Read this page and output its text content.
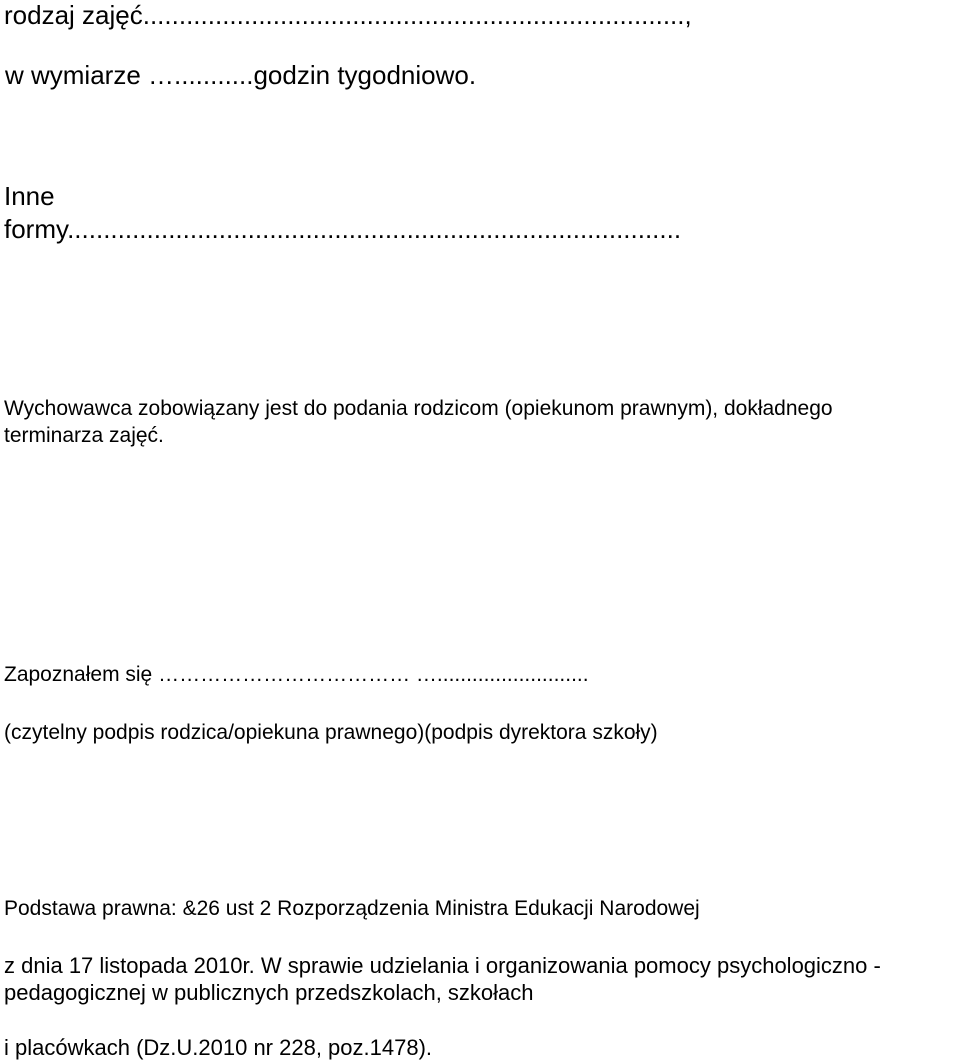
rodzaj zajęć...........................................................................,

w wymiarze …...........godzin tygodniowo.

Inne

formy.....................................................................................

Wychowawca zobowiązany jest do podania rodzicom (opiekunom prawnym), dokładnego

terminarza zajęć.

Zapoznałem się ……………………………… …..........................

(czytelny podpis rodzica/opiekuna prawnego)(podpis dyrektora szkoły)

Podstawa prawna: &26 ust 2 Rozporządzenia Ministra Edukacji Narodowej

z dnia 17 listopada 2010r. W sprawie udzielania i organizowania pomocy psychologiczno -

pedagogicznej w publicznych przedszkolach, szkołach

i placówkach (Dz.U.2010 nr 228, poz.1478).
